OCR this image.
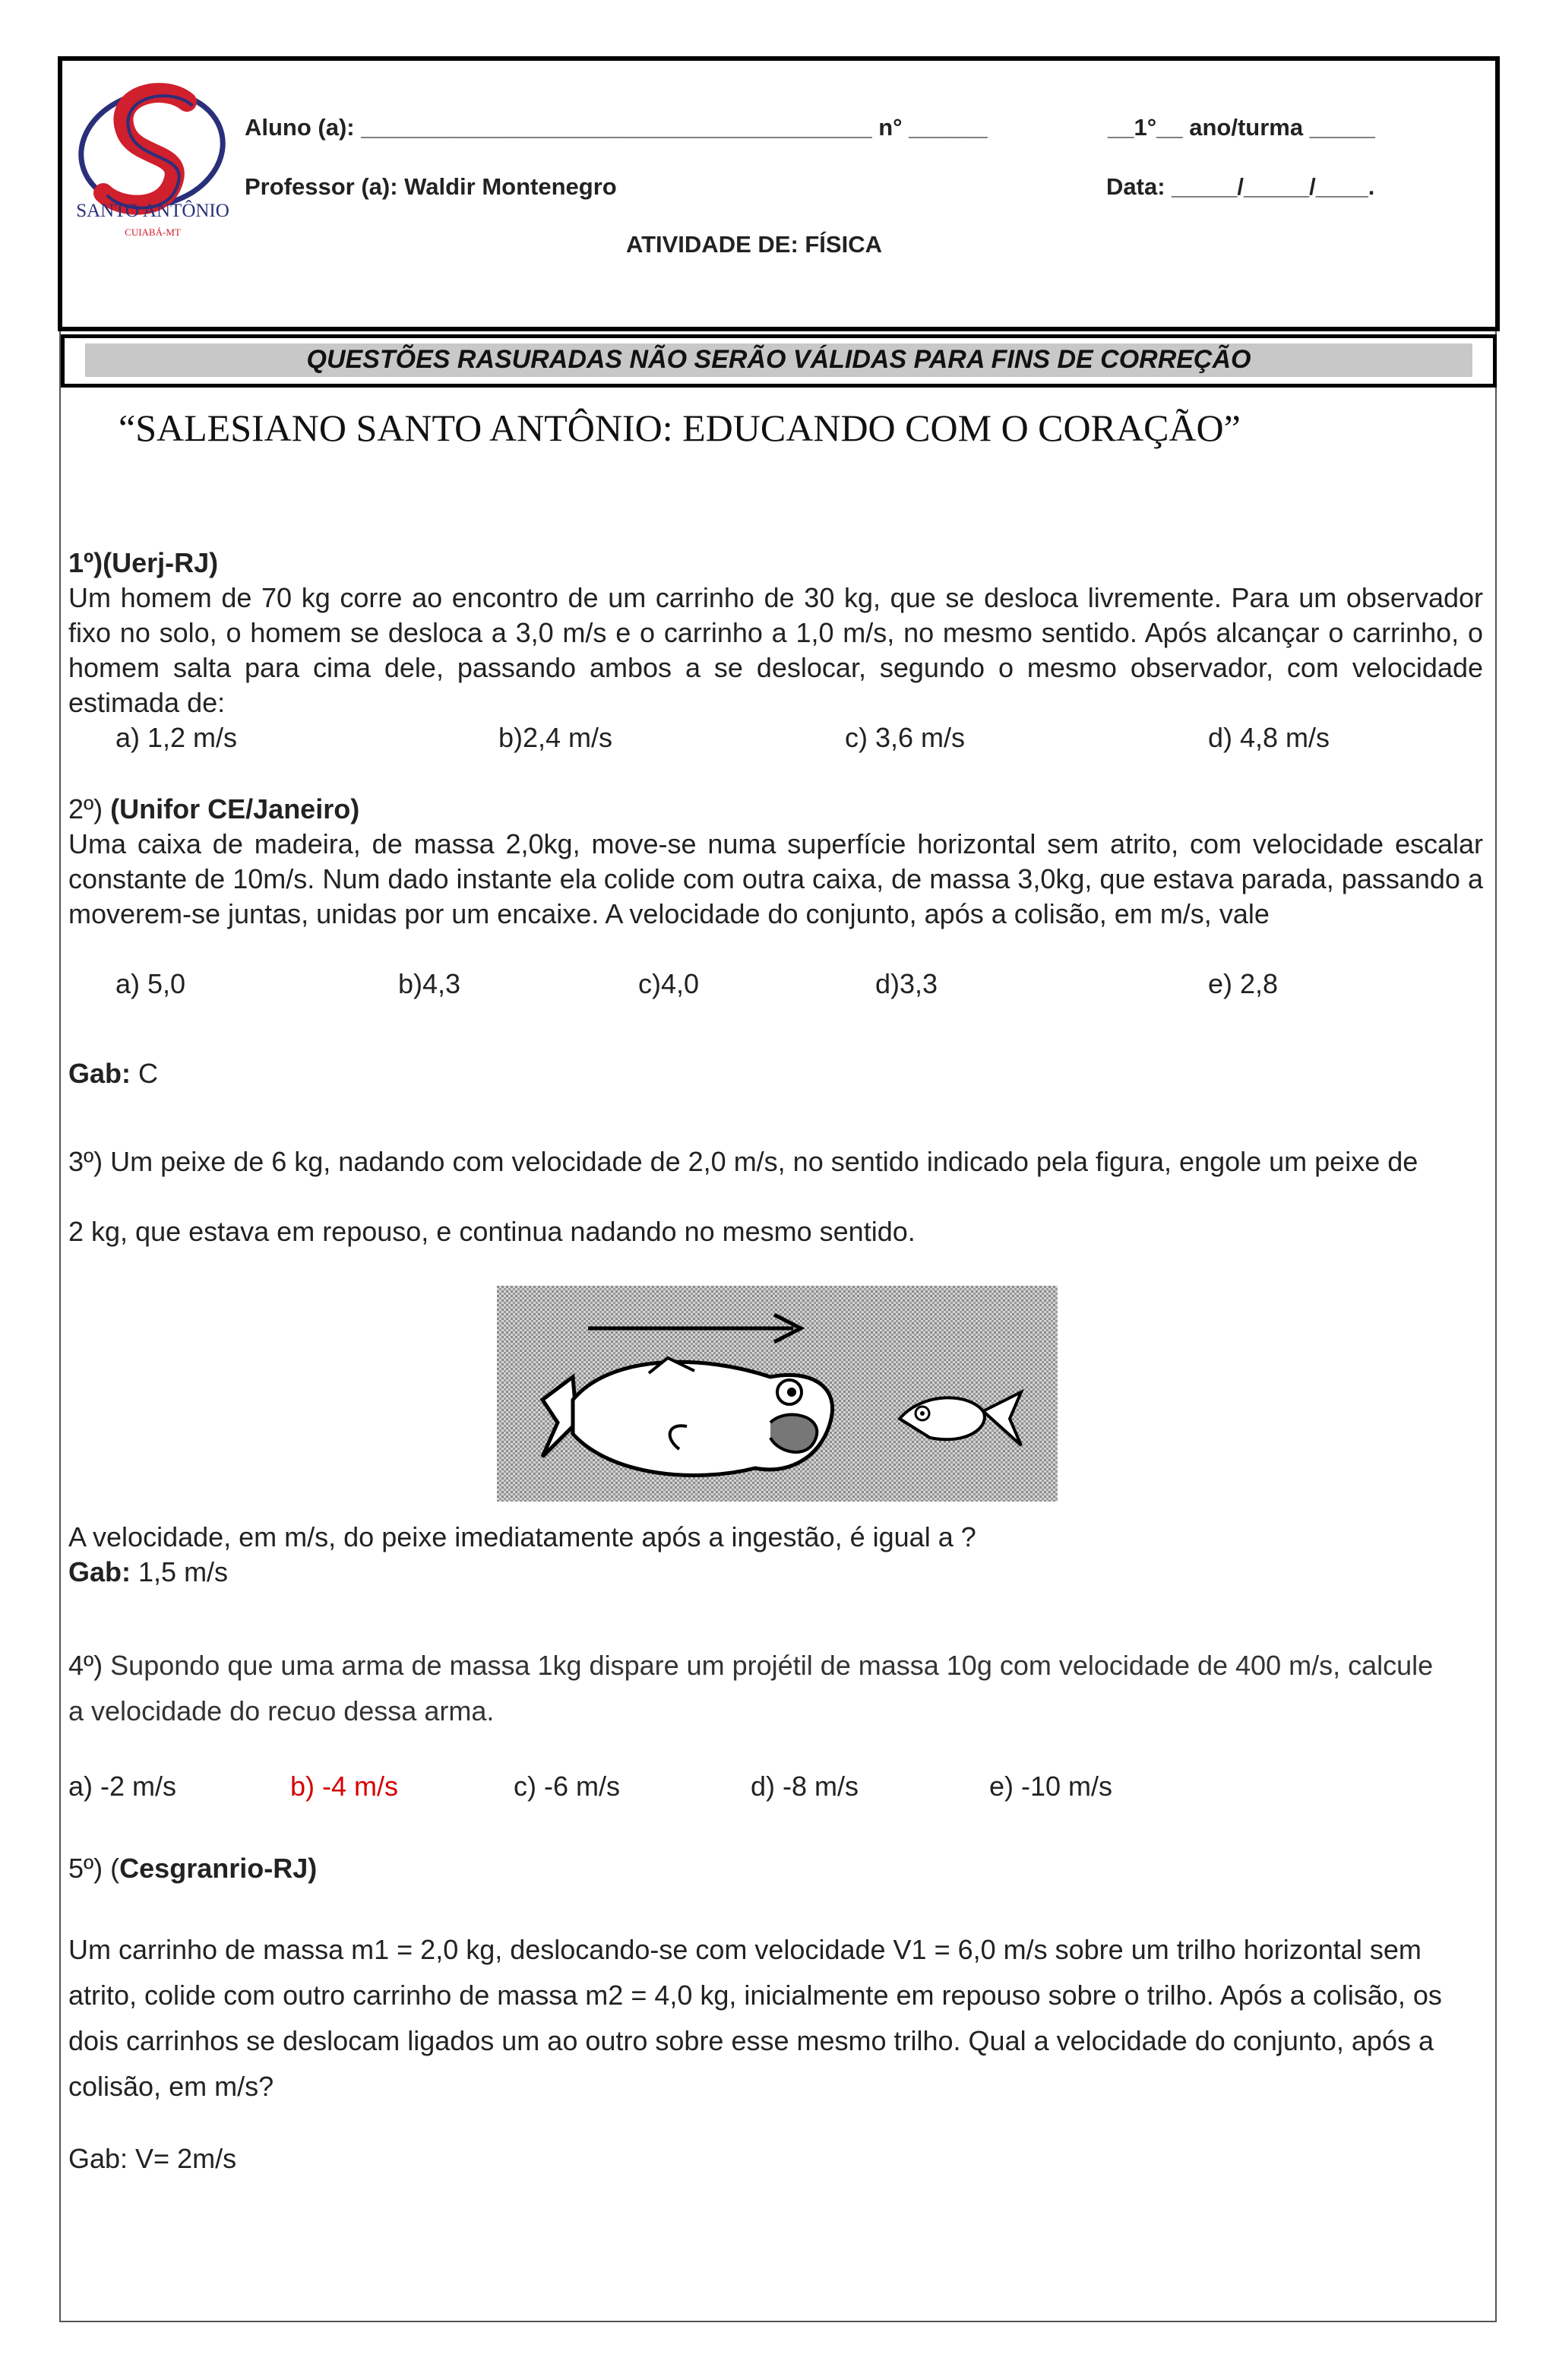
SANTO ANTÔNIO
CUIABÁ-MT
Aluno (a): _______________________________________ n° ______	__1°__ ano/turma _____
Professor (a): Waldir Montenegro	Data: _____/_____/____.
ATIVIDADE DE: FÍSICA
QUESTÕES RASURADAS NÃO SERÃO VÁLIDAS PARA FINS DE CORREÇÃO
“SALESIANO SANTO ANTÔNIO: EDUCANDO COM O CORAÇÃO”
1º)(Uerj-RJ)
Um homem de 70 kg corre ao encontro de um carrinho de 30 kg, que se desloca livremente. Para um observador fixo no solo, o homem se desloca a 3,0 m/s e o carrinho a 1,0 m/s, no mesmo sentido. Após alcançar o carrinho, o homem salta para cima dele, passando ambos a se deslocar, segundo o mesmo observador, com velocidade estimada de:
a) 1,2 m/s	b)2,4 m/s	c) 3,6 m/s	d) 4,8 m/s
2º) (Unifor CE/Janeiro)
Uma caixa de madeira, de massa 2,0kg, move-se numa superfície horizontal sem atrito, com velocidade escalar constante de 10m/s. Num dado instante ela colide com outra caixa, de massa 3,0kg, que estava parada, passando a moverem-se juntas, unidas por um encaixe. A velocidade do conjunto, após a colisão, em m/s, vale
a) 5,0	b)4,3	c)4,0	d)3,3	e) 2,8
Gab: C
3º) Um peixe de 6 kg, nadando com velocidade de 2,0 m/s, no sentido indicado pela figura, engole um peixe de
2 kg, que estava em repouso, e continua nadando no mesmo sentido.
A velocidade, em m/s, do peixe imediatamente após a ingestão, é igual a ?
Gab: 1,5 m/s
4º) Supondo que uma arma de massa 1kg dispare um projétil de massa 10g com velocidade de 400 m/s, calcule a velocidade do recuo dessa arma.
a) -2 m/s	b) -4 m/s	c) -6 m/s	d) -8 m/s	e) -10 m/s
5º) (Cesgranrio-RJ)
Um carrinho de massa m1 = 2,0 kg, deslocando-se com velocidade V1 = 6,0 m/s sobre um trilho horizontal sem atrito, colide com outro carrinho de massa m2 = 4,0 kg, inicialmente em repouso sobre o trilho. Após a colisão, os dois carrinhos se deslocam ligados um ao outro sobre esse mesmo trilho. Qual a velocidade do conjunto, após a colisão, em m/s?
Gab: V= 2m/s
